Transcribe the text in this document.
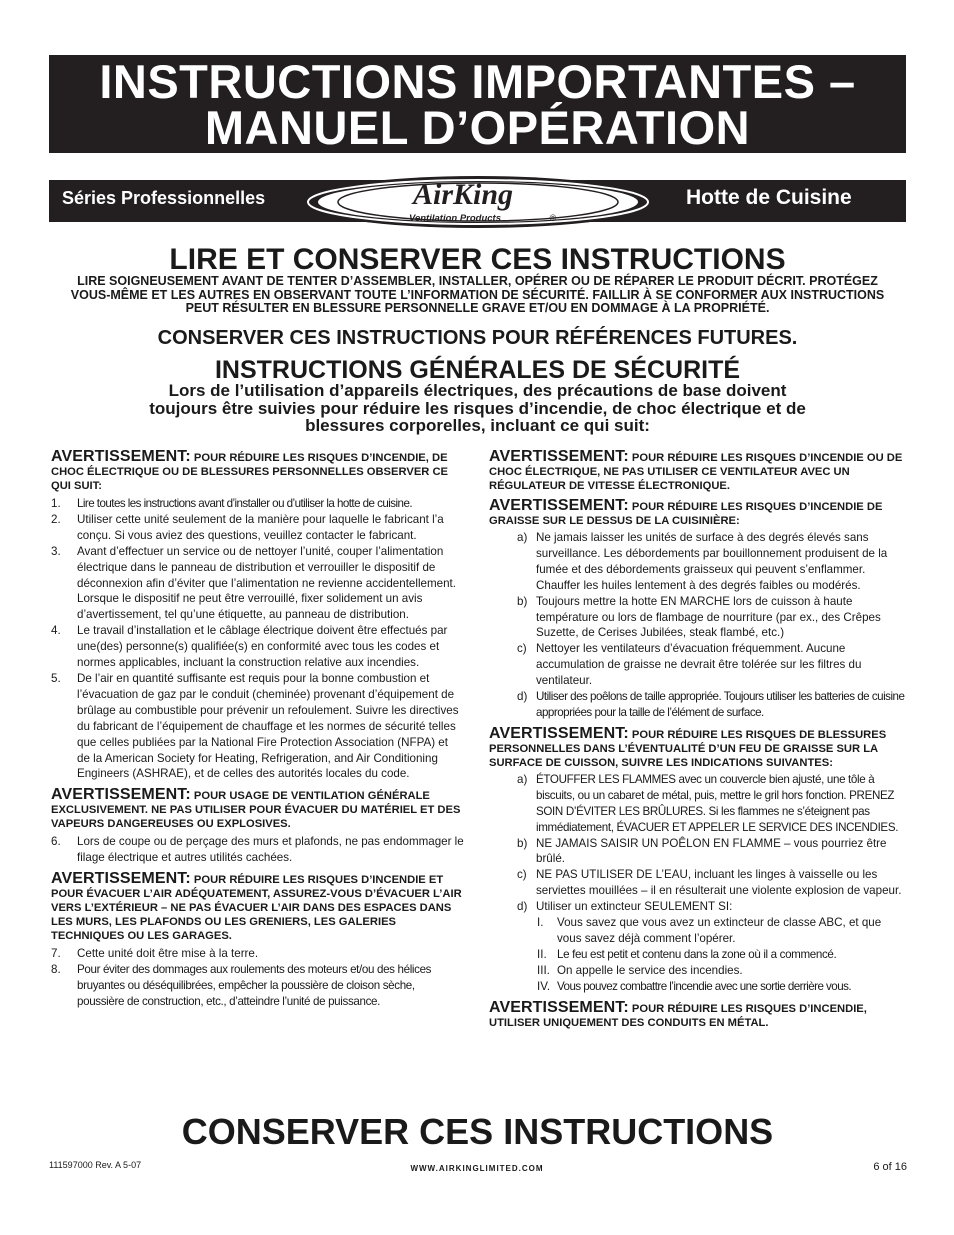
INSTRUCTIONS IMPORTANTES –
MANUEL D’OPÉRATION
Séries Professionnelles	Hotte de Cuisine
AirKing
Ventilation Products	®
LIRE ET CONSERVER CES INSTRUCTIONS
LIRE SOIGNEUSEMENT AVANT DE TENTER D’ASSEMBLER, INSTALLER, OPÉRER OU DE RÉPARER LE PRODUIT DÉCRIT. PROTÉGEZ VOUS-MÊME ET LES AUTRES EN OBSERVANT TOUTE L’INFORMATION DE SÉCURITÉ. FAILLIR À SE CONFORMER AUX INSTRUCTIONS PEUT RÉSULTER EN BLESSURE PERSONNELLE GRAVE ET/OU EN DOMMAGE À LA PROPRIÉTÉ.
CONSERVER CES INSTRUCTIONS POUR RÉFÉRENCES FUTURES.
INSTRUCTIONS GÉNÉRALES DE SÉCURITÉ
Lors de l’utilisation d’appareils électriques, des précautions de base doivent toujours être suivies pour réduire les risques d’incendie, de choc électrique et de blessures corporelles, incluant ce qui suit:

AVERTISSEMENT: POUR RÉDUIRE LES RISQUES D’INCENDIE, DE CHOC ÉLECTRIQUE OU DE BLESSURES PERSONNELLES OBSERVER CE QUI SUIT:

1. Lire toutes les instructions avant d’installer ou d’utiliser la hotte de cuisine.
2. Utiliser cette unité seulement de la manière pour laquelle le fabricant l’a conçu. Si vous aviez des questions, veuillez contacter le fabricant.
3. Avant d’effectuer un service ou de nettoyer l’unité, couper l’alimentation électrique dans le panneau de distribution et verrouiller le dispositif de déconnexion afin d’éviter que l’alimentation ne revienne accidentellement. Lorsque le dispositif ne peut être verrouillé, fixer solidement un avis d’avertissement, tel qu’une étiquette, au panneau de distribution.
4. Le travail d’installation et le câblage électrique doivent être effectués par une(des) personne(s) qualifiée(s) en conformité avec tous les codes et normes applicables, incluant la construction relative aux incendies.
5. De l’air en quantité suffisante est requis pour la bonne combustion et l’évacuation de gaz par le conduit (cheminée) provenant d’équipement de brûlage au combustible pour prévenir un refoulement. Suivre les directives du fabricant de l’équipement de chauffage et les normes de sécurité telles que celles publiées par la National Fire Protection Association (NFPA) et de la American Society for Heating, Refrigeration, and Air Conditioning Engineers (ASHRAE), et de celles des autorités locales du code.

AVERTISSEMENT: POUR USAGE DE VENTILATION GÉNÉRALE EXCLUSIVEMENT. NE PAS UTILISER POUR ÉVACUER DU MATÉRIEL ET DES VAPEURS DANGEREUSES OU EXPLOSIVES.

6. Lors de coupe ou de perçage des murs et plafonds, ne pas endommager le filage électrique et autres utilités cachées.

AVERTISSEMENT: POUR RÉDUIRE LES RISQUES D’INCENDIE ET POUR ÉVACUER L’AIR ADÉQUATEMENT, ASSUREZ-VOUS D’ÉVACUER L’AIR VERS L’EXTÉRIEUR – NE PAS ÉVACUER L’AIR DANS DES ESPACES DANS LES MURS, LES PLAFONDS OU LES GRENIERS, LES GALERIES TECHNIQUES OU LES GARAGES.

7. Cette unité doit être mise à la terre.
8. Pour éviter des dommages aux roulements des moteurs et/ou des hélices bruyantes ou déséquilibrées, empêcher la poussière de cloison sèche, poussière de construction, etc., d’atteindre l’unité de puissance.

AVERTISSEMENT: POUR RÉDUIRE LES RISQUES D’INCENDIE OU DE CHOC ÉLECTRIQUE, NE PAS UTILISER CE VENTILATEUR AVEC UN RÉGULATEUR DE VITESSE ÉLECTRONIQUE.

AVERTISSEMENT: POUR RÉDUIRE LES RISQUES D’INCENDIE DE GRAISSE SUR LE DESSUS DE LA CUISINIÈRE:

a) Ne jamais laisser les unités de surface à des degrés élevés sans surveillance. Les débordements par bouillonnement produisent de la fumée et des débordements graisseux qui peuvent s’enflammer. Chauffer les huiles lentement à des degrés faibles ou modérés.
b) Toujours mettre la hotte EN MARCHE lors de cuisson à haute température ou lors de flambage de nourriture (par ex., des Crêpes Suzette, de Cerises Jubilées, steak flambé, etc.)
c) Nettoyer les ventilateurs d’évacuation fréquemment. Aucune accumulation de graisse ne devrait être tolérée sur les filtres du ventilateur.
d) Utiliser des poêlons de taille appropriée. Toujours utiliser les batteries de cuisine appropriées pour la taille de l’élément de surface.

AVERTISSEMENT: POUR RÉDUIRE LES RISQUES DE BLESSURES PERSONNELLES DANS L’ÉVENTUALITÉ D’UN FEU DE GRAISSE SUR LA SURFACE DE CUISSON, SUIVRE LES INDICATIONS SUIVANTES:

a) ÉTOUFFER LES FLAMMES avec un couvercle bien ajusté, une tôle à biscuits, ou un cabaret de métal, puis, mettre le gril hors fonction. PRENEZ SOIN D’ÉVITER LES BRÛLURES. Si les flammes ne s’éteignent pas immédiatement, ÉVACUER ET APPELER LE SERVICE DES INCENDIES.
b) NE JAMAIS SAISIR UN POÊLON EN FLAMME – vous pourriez être brûlé.
c) NE PAS UTILISER DE L’EAU, incluant les linges à vaisselle ou les serviettes mouillées – il en résulterait une violente explosion de vapeur.
d) Utiliser un extincteur SEULEMENT SI:
I. Vous savez que vous avez un extincteur de classe ABC, et que vous savez déjà comment l’opérer.
II. Le feu est petit et contenu dans la zone où il a commencé.
III. On appelle le service des incendies.
IV. Vous pouvez combattre l’incendie avec une sortie derrière vous.

AVERTISSEMENT: POUR RÉDUIRE LES RISQUES D’INCENDIE, UTILISER UNIQUEMENT DES CONDUITS EN MÉTAL.

CONSERVER CES INSTRUCTIONS
111597000 Rev. A 5-07	WWW.AIRKINGLIMITED.COM	6 of 16
